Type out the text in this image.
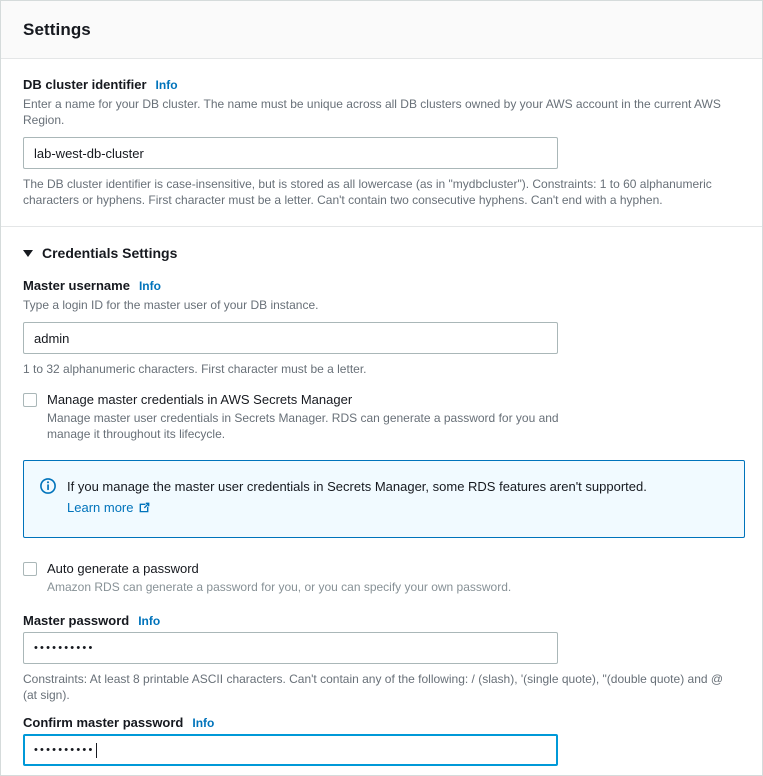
Settings
DB cluster identifier Info

Enter a name for your DB cluster. The name must be unique across all DB clusters owned by your AWS account in the current AWS Region.

lab-west-db-cluster

The DB cluster identifier is case-insensitive, but is stored as all lowercase (as in "mydbcluster"). Constraints: 1 to 60 alphanumeric characters or hyphens. First character must be a letter. Can't contain two consecutive hyphens. Can't end with a hyphen.

Credentials Settings
Master username Info

Type a login ID for the master user of your DB instance.

admin

1 to 32 alphanumeric characters. First character must be a letter.

Manage master credentials in AWS Secrets Manager
Manage master user credentials in Secrets Manager. RDS can generate a password for you and manage it throughout its lifecycle.
If you manage the master user credentials in Secrets Manager, some RDS features aren't supported.
Learn more
Auto generate a password
Amazon RDS can generate a password for you, or you can specify your own password.
Master password Info
••••••••••

Constraints: At least 8 printable ASCII characters. Can't contain any of the following: / (slash), '(single quote), "(double quote) and @ (at sign).

Confirm master password Info
••••••••••
